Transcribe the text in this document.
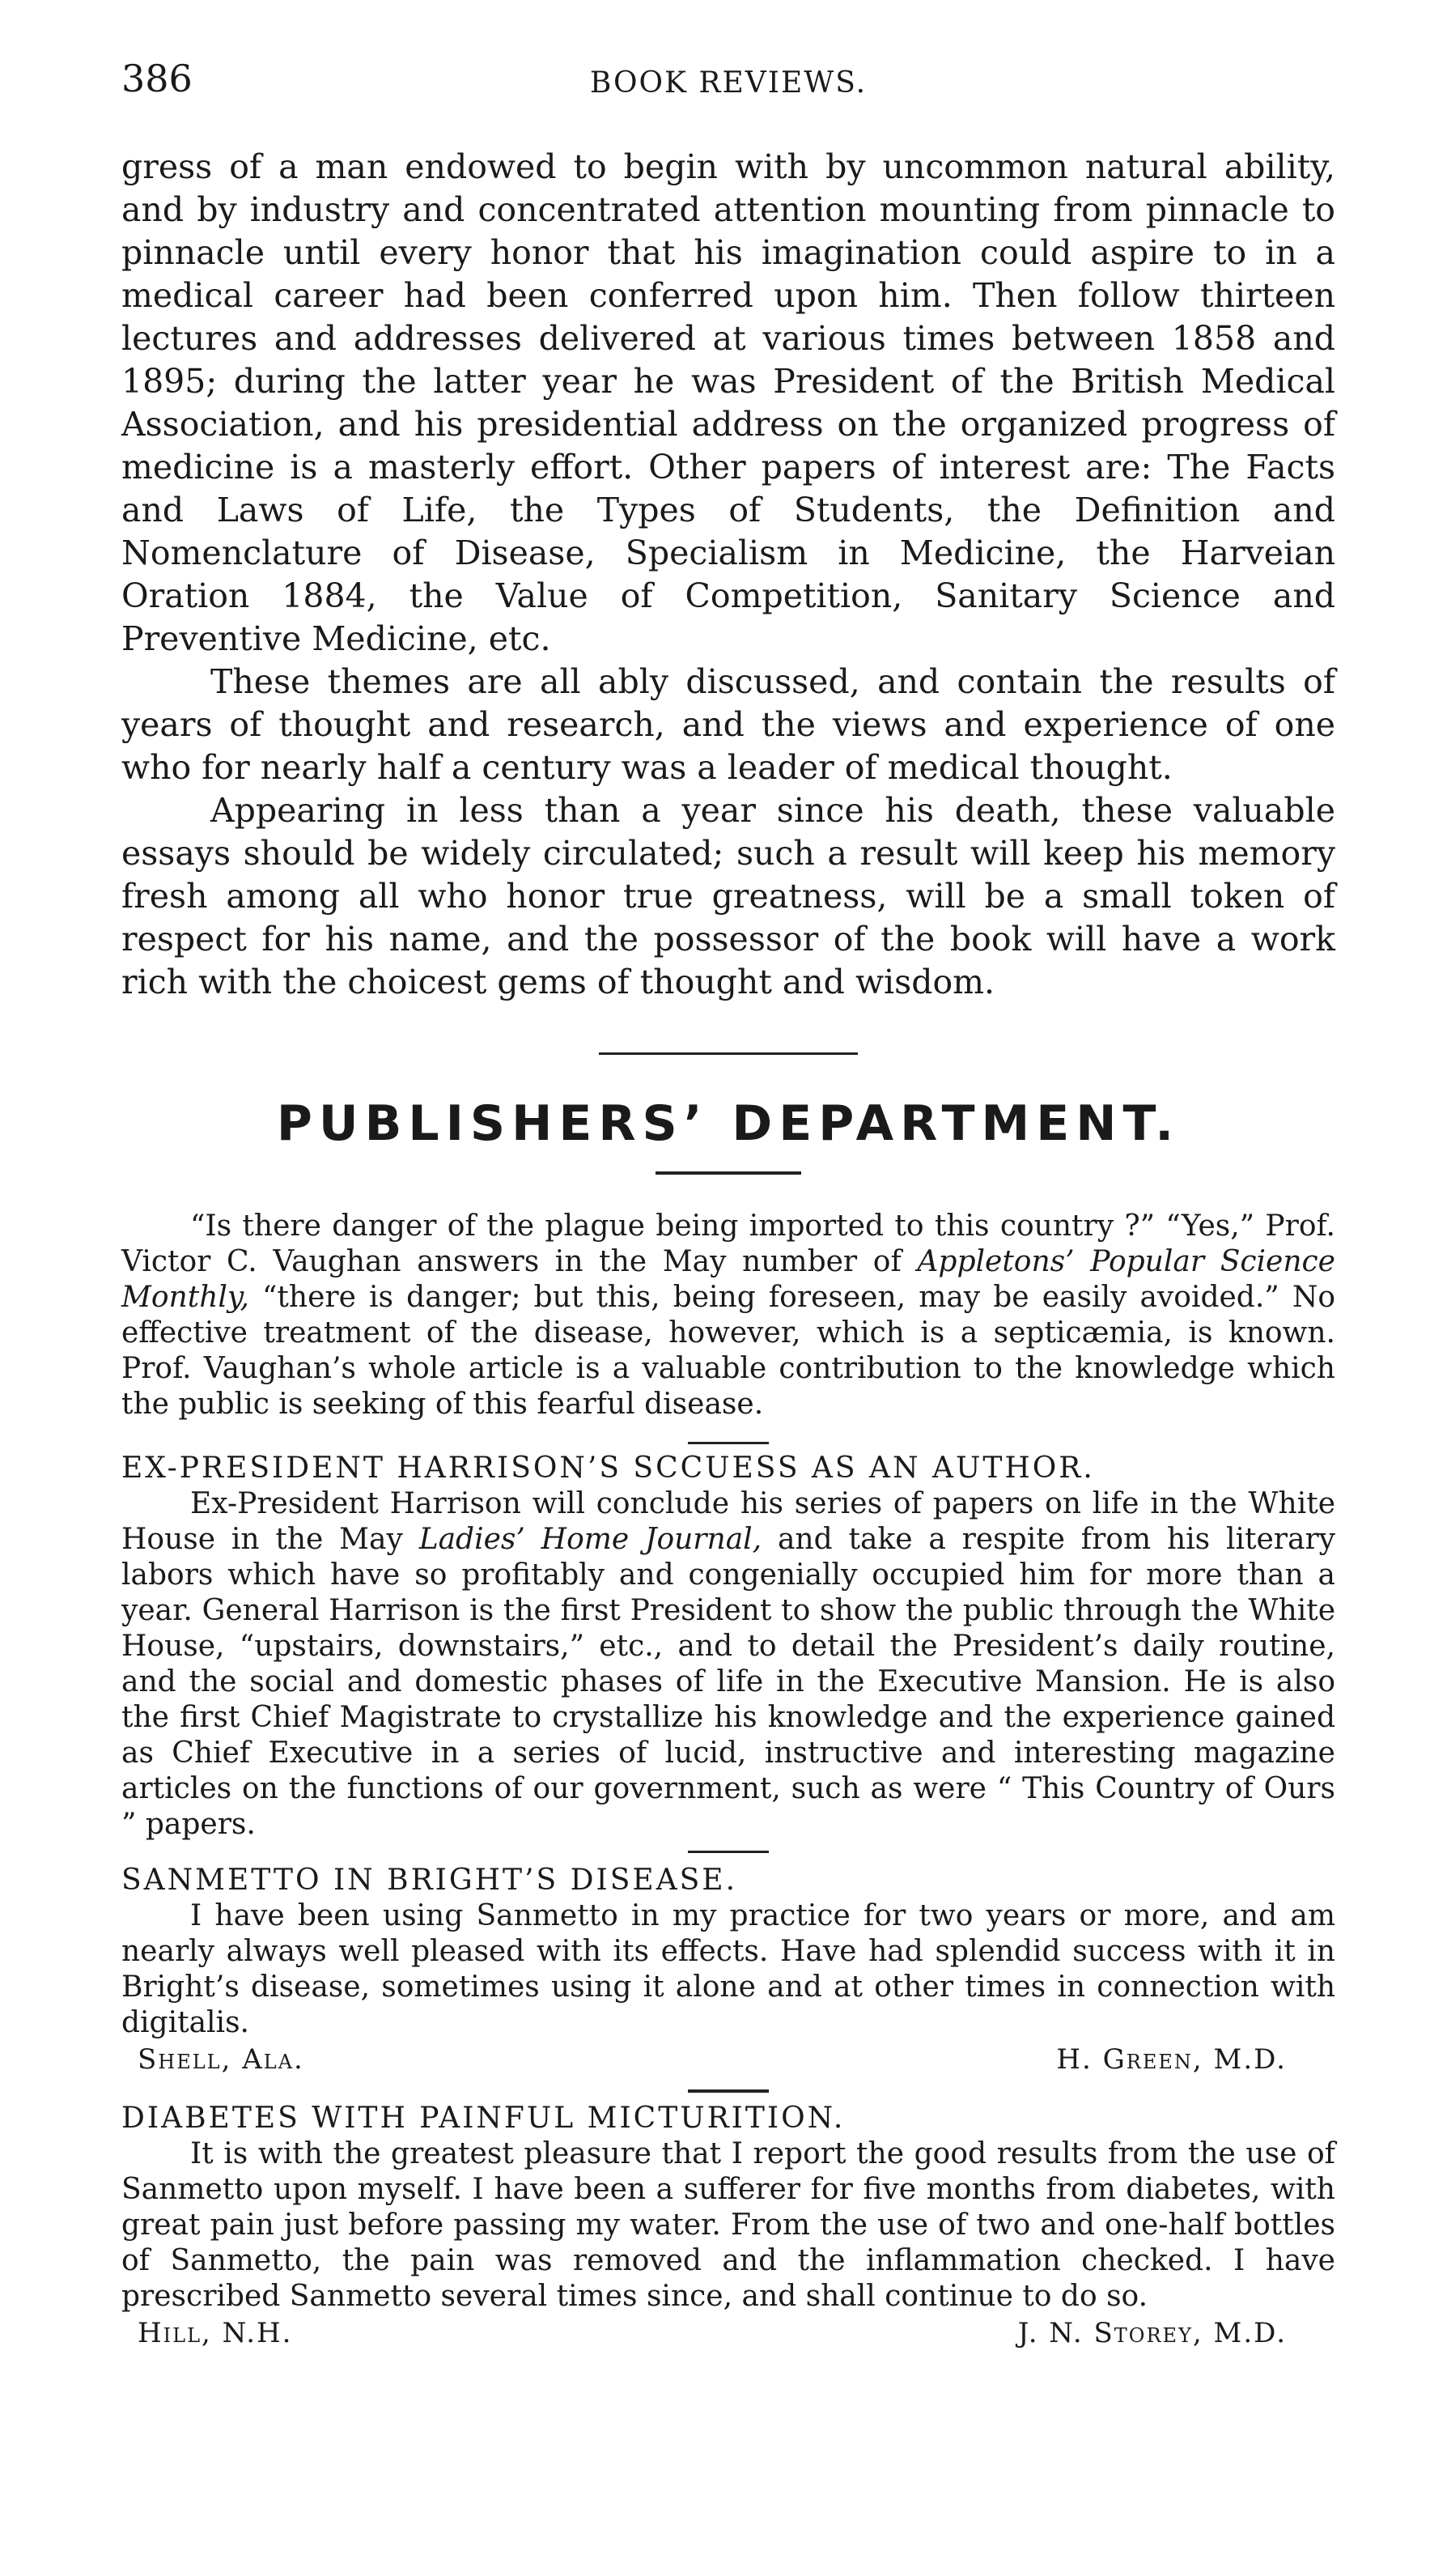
386	BOOK REVIEWS.

gress of a man endowed to begin with by uncommon natural ability, and by industry and concentrated attention mounting from pinnacle to pinnacle until every honor that his imagination could aspire to in a medical career had been conferred upon him. Then follow thirteen lectures and addresses delivered at various times between 1858 and 1895; during the latter year he was President of the British Medical Association, and his presidential address on the organized progress of medicine is a masterly effort. Other papers of interest are: The Facts and Laws of Life, the Types of Students, the Definition and Nomenclature of Disease, Specialism in Medicine, the Harveian Oration 1884, the Value of Competition, Sanitary Science and Preventive Medicine, etc.

These themes are all ably discussed, and contain the results of years of thought and research, and the views and experience of one who for nearly half a century was a leader of medical thought.

Appearing in less than a year since his death, these valuable essays should be widely circulated; such a result will keep his memory fresh among all who honor true greatness, will be a small token of respect for his name, and the possessor of the book will have a work rich with the choicest gems of thought and wisdom.

PUBLISHERS’ DEPARTMENT.

“Is there danger of the plague being imported to this country ?” “Yes,” Prof. Victor C. Vaughan answers in the May number of Appletons’ Popular Science Monthly, “there is danger; but this, being foreseen, may be easily avoided.” No effective treatment of the disease, however, which is a septicæmia, is known. Prof. Vaughan’s whole article is a valuable contribution to the knowledge which the public is seeking of this fearful disease.

EX-PRESIDENT HARRISON’S SCCUESS AS AN AUTHOR.

Ex-President Harrison will conclude his series of papers on life in the White House in the May Ladies’ Home Journal, and take a respite from his literary labors which have so profitably and congenially occupied him for more than a year. General Harrison is the first President to show the public through the White House, “upstairs, downstairs,” etc., and to detail the President’s daily routine, and the social and domestic phases of life in the Executive Mansion. He is also the first Chief Magistrate to crystallize his knowledge and the experience gained as Chief Executive in a series of lucid, instructive and interesting magazine articles on the functions of our government, such as were “ This Country of Ours ” papers.

SANMETTO IN BRIGHT’S DISEASE.

I have been using Sanmetto in my practice for two years or more, and am nearly always well pleased with its effects. Have had splendid success with it in Bright’s disease, sometimes using it alone and at other times in connection with digitalis.

Shell, Ala.	H. Green, M.D.

DIABETES WITH PAINFUL MICTURITION.

It is with the greatest pleasure that I report the good results from the use of Sanmetto upon myself. I have been a sufferer for five months from diabetes, with great pain just before passing my water. From the use of two and one-half bottles of Sanmetto, the pain was removed and the inflammation checked. I have prescribed Sanmetto several times since, and shall continue to do so.

Hill, N.H.	J. N. Storey, M.D.
